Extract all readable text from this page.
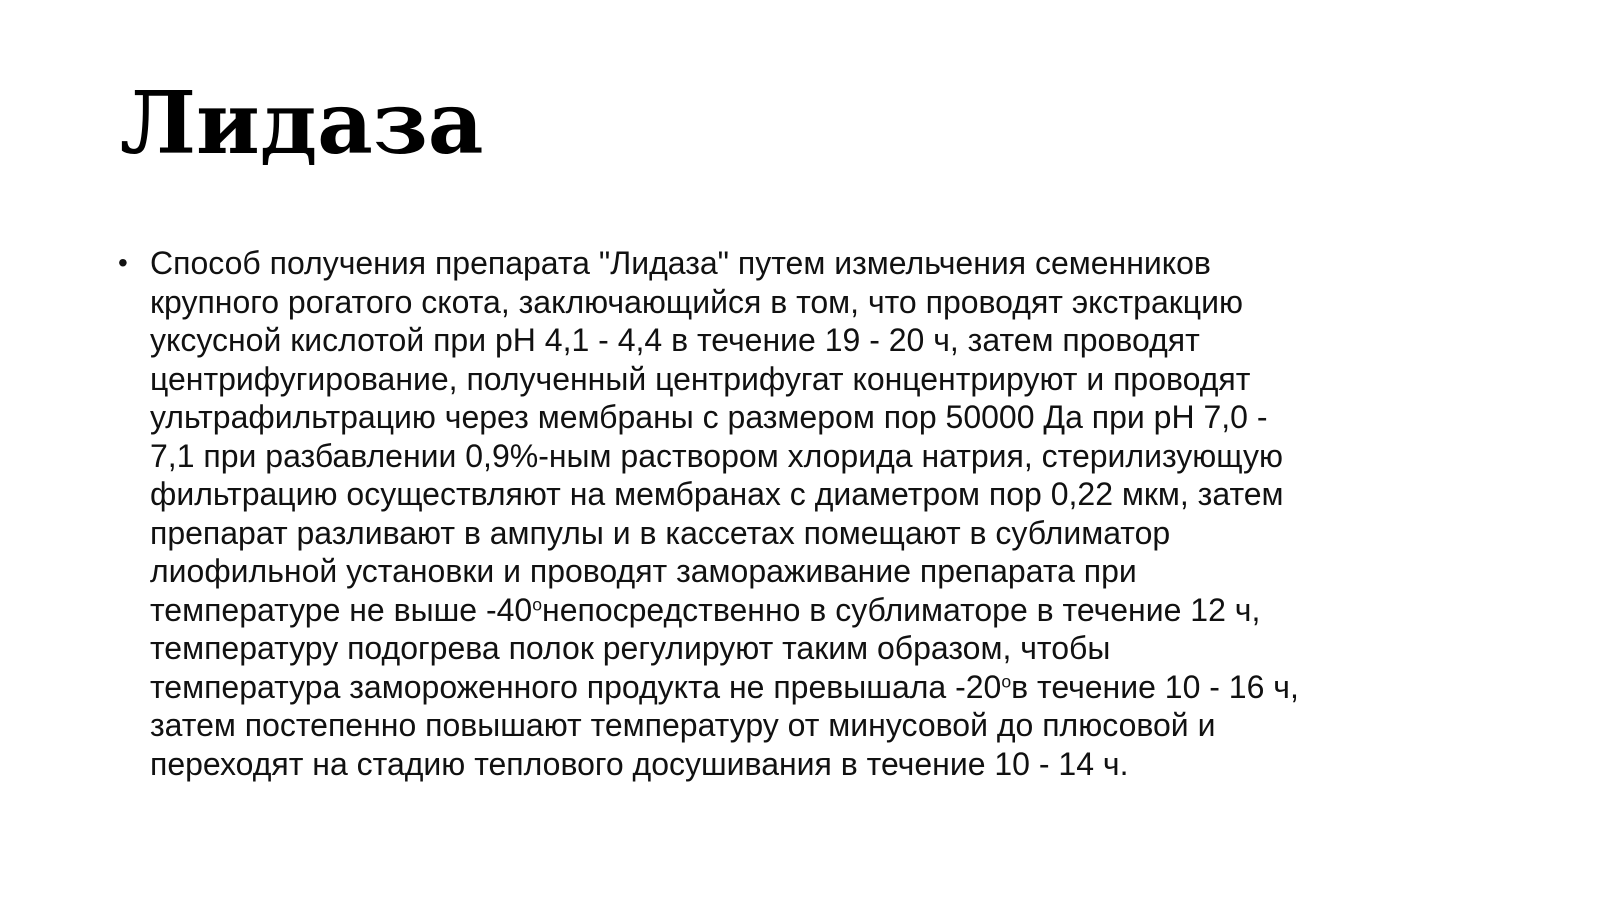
Лидаза
• Способ получения препарата "Лидаза" путем измельчения семенников
крупного рогатого скота, заключающийся в том, что проводят экстракцию
уксусной кислотой при pH 4,1 - 4,4 в течение 19 - 20 ч, затем проводят
центрифугирование, полученный центрифугат концентрируют и проводят
ультрафильтрацию через мембраны с размером пор 50000 Да при pH 7,0 -
7,1 при разбавлении 0,9%-ным раствором хлорида натрия, стерилизующую
фильтрацию осуществляют на мембранах с диаметром пор 0,22 мкм, затем
препарат разливают в ампулы и в кассетах помещают в сублиматор
лиофильной установки и проводят замораживание препарата при
температуре не выше -40$^o$непосредственно в сублиматоре в течение 12 ч,
температуру подогрева полок регулируют таким образом, чтобы
температура замороженного продукта не превышала -20$^o$в течение 10 - 16 ч,
затем постепенно повышают температуру от минусовой до плюсовой и
переходят на стадию теплового досушивания в течение 10 - 14 ч.
